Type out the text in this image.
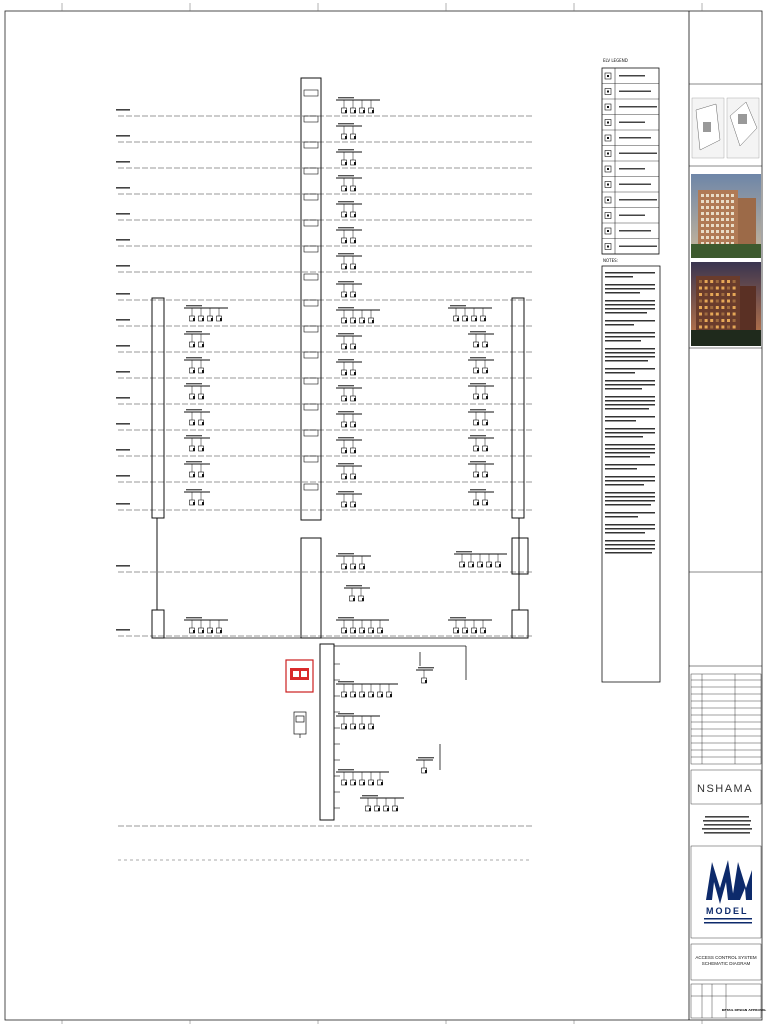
ELV LEGEND
NOTES:
NSHAMA
MODEL
ACCESS CONTROL SYSTEM SCHEMATIC DIAGRAM
DETAIL DESIGN APPROVAL
